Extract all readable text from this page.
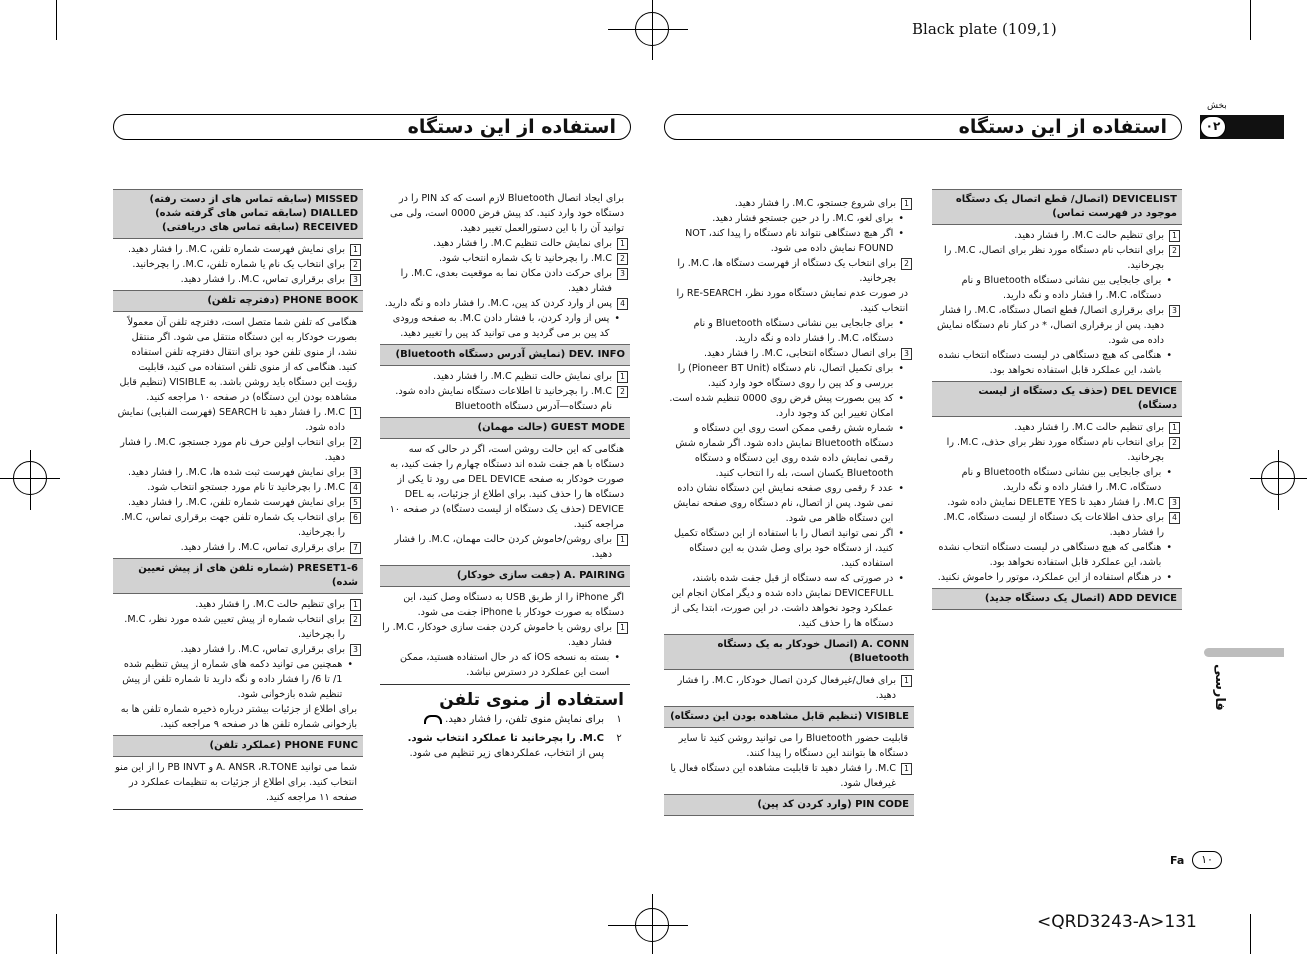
Black plate (109,1)
استفاده از این دستگاه	استفاده از این دستگاه
بخش
۰۲
فارسی
DEVICELIST (اتصال/ قطع اتصال یک دستگاه موجود در فهرست تماس)
1
برای تنظیم حالت M.C. را فشار دهید.
2
برای انتخاب نام دستگاه مورد نظر برای اتصال، M.C. را بچرخانید.
•
برای جابجایی بین نشانی دستگاه Bluetooth و نام دستگاه، M.C. را فشار داده و نگه دارید.
3
برای برقراری اتصال/ قطع اتصال دستگاه، M.C. را فشار دهید. پس از برقراری اتصال، * در کنار نام دستگاه نمایش داده می شود.
•
هنگامی که هیچ دستگاهی در لیست دستگاه انتخاب نشده باشد، این عملکرد قابل استفاده نخواهد بود.
DEL DEVICE (حذف یک دستگاه از لیست دستگاه)
1
برای تنظیم حالت M.C. را فشار دهید.
2
برای انتخاب نام دستگاه مورد نظر برای حذف، M.C. را بچرخانید.
•
برای جابجایی بین نشانی دستگاه Bluetooth و نام دستگاه، M.C. را فشار داده و نگه دارید.
3
M.C. را فشار دهید تا DELETE YES نمایش داده شود.
4
برای حذف اطلاعات یک دستگاه از لیست دستگاه، M.C. را فشار دهید.
•
هنگامی که هیچ دستگاهی در لیست دستگاه انتخاب نشده باشد، این عملکرد قابل استفاده نخواهد بود.
•
در هنگام استفاده از این عملکرد، موتور را خاموش نکنید.
ADD DEVICE (اتصال یک دستگاه جدید)
1
برای شروع جستجو، M.C. را فشار دهید.
•
برای لغو، M.C. را در حین جستجو فشار دهید.
•
اگر هیچ دستگاهی نتواند نام دستگاه را پیدا کند، NOT FOUND نمایش داده می شود.
2
برای انتخاب یک دستگاه از فهرست دستگاه ها، M.C. را بچرخانید.
در صورت عدم نمایش دستگاه مورد نظر، RE-SEARCH را انتخاب کنید.
•
برای جابجایی بین نشانی دستگاه Bluetooth و نام دستگاه، M.C. را فشار داده و نگه دارید.
3
برای اتصال دستگاه انتخابی، M.C. را فشار دهید.
•
برای تکمیل اتصال، نام دستگاه (Pioneer BT Unit) را بررسی و کد پین را روی دستگاه خود وارد کنید.
•
کد پین بصورت پیش فرض روی 0000 تنظیم شده است. امکان تغییر این کد وجود دارد.
•
شماره شش رقمی ممکن است روی این دستگاه و دستگاه Bluetooth نمایش داده شود. اگر شماره شش رقمی نمایش داده شده روی این دستگاه و دستگاه Bluetooth یکسان است، بله را انتخاب کنید.
•
عدد ۶ رقمی روی صفحه نمایش این دستگاه نشان داده نمی شود. پس از اتصال، نام دستگاه روی صفحه نمایش این دستگاه ظاهر می شود.
•
اگر نمی توانید اتصال را با استفاده از این دستگاه تکمیل کنید، از دستگاه خود برای وصل شدن به این دستگاه استفاده کنید.
•
در صورتی که سه دستگاه از قبل جفت شده باشند، DEVICEFULL نمایش داده شده و دیگر امکان انجام این عملکرد وجود نخواهد داشت. در این صورت، ابتدا یکی از دستگاه ها را حذف کنید.
A. CONN (اتصال خودکار به یک دستگاه Bluetooth)
1
برای فعال/غیرفعال کردن اتصال خودکار، M.C. را فشار دهید.
VISIBLE (تنظیم قابل مشاهده بودن این دستگاه)
قابلیت حضور Bluetooth را می توانید روشن کنید تا سایر دستگاه ها بتوانند این دستگاه را پیدا کنند.
1
M.C. را فشار دهید تا قابلیت مشاهده این دستگاه فعال یا غیرفعال شود.
PIN CODE (وارد کردن کد پین)
برای ایجاد اتصال Bluetooth لازم است که کد PIN را در دستگاه خود وارد کنید. کد پیش فرض 0000 است، ولی می توانید آن را با این دستورالعمل تغییر دهید.
1
برای نمایش حالت تنظیم M.C. را فشار دهید.
2
M.C. را بچرخانید تا یک شماره انتخاب شود.
3
برای حرکت دادن مکان نما به موقعیت بعدی، M.C. را فشار دهید.
4
پس از وارد کردن کد پین، M.C. را فشار داده و نگه دارید.
•
پس از وارد کردن، با فشار دادن M.C. به صفحه ورودی کد پین بر می گردید و می توانید کد پین را تغییر دهید.
DEV. INFO (نمایش آدرس دستگاه Bluetooth)
1
برای نمایش حالت تنظیم M.C. را فشار دهید.
2
M.C. را بچرخانید تا اطلاعات دستگاه نمایش داده شود. نام دستگاه—آدرس دستگاه Bluetooth
GUEST MODE (حالت مهمان)
هنگامی که این حالت روشن است، اگر در حالی که سه دستگاه با هم جفت شده اند دستگاه چهارم را جفت کنید، به صورت خودکار به صفحه DEL DEVICE می رود تا یکی از دستگاه ها را حذف کنید. برای اطلاع از جزئیات، به DEL DEVICE (حذف یک دستگاه از لیست دستگاه) در صفحه ۱۰ مراجعه کنید.
1
برای روشن/خاموش کردن حالت مهمان، M.C. را فشار دهید.
A. PAIRING (جفت سازی خودکار)
اگر iPhone را از طریق USB به دستگاه وصل کنید، این دستگاه به صورت خودکار با iPhone جفت می شود.
1
برای روشن یا خاموش کردن جفت سازی خودکار، M.C. را فشار دهید.
•
بسته به نسخه iOS که در حال استفاده هستید، ممکن است این عملکرد در دسترس نباشد.
استفاده از منوی تلفن
۱
برای نمایش منوی تلفن، را فشار دهید.
۲
M.C. را بچرخانید تا عملکرد انتخاب شود.
پس از انتخاب، عملکردهای زیر تنظیم می شود.
MISSED (سابقه تماس های از دست رفته)
DIALLED (سابقه تماس های گرفته شده)
RECEIVED (سابقه تماس های دریافتی)
1
برای نمایش فهرست شماره تلفن، M.C. را فشار دهید.
2
برای انتخاب یک نام یا شماره تلفن، M.C. را بچرخانید.
3
برای برقراری تماس، M.C. را فشار دهید.
PHONE BOOK (دفترچه تلفن)
هنگامی که تلفن شما متصل است، دفترچه تلفن آن معمولاً بصورت خودکار به این دستگاه منتقل می شود. اگر منتقل نشد، از منوی تلفن خود برای انتقال دفترچه تلفن استفاده کنید. هنگامی که از منوی تلفن استفاده می کنید، قابلیت رؤیت این دستگاه باید روشن باشد. به VISIBLE (تنظیم قابل مشاهده بودن این دستگاه) در صفحه ۱۰ مراجعه کنید.
1
M.C. را فشار دهید تا SEARCH (فهرست الفبایی) نمایش داده شود.
2
برای انتخاب اولین حرف نام مورد جستجو، M.C. را فشار دهید.
3
برای نمایش فهرست ثبت شده ها، M.C. را فشار دهید.
4
M.C. را بچرخانید تا نام مورد جستجو انتخاب شود.
5
برای نمایش فهرست شماره تلفن، M.C. را فشار دهید.
6
برای انتخاب یک شماره تلفن جهت برقراری تماس، M.C. را بچرخانید.
7
برای برقراری تماس، M.C. را فشار دهید.
PRESET1-6 (شماره تلفن های از پیش تعیین شده)
1
برای تنظیم حالت M.C. را فشار دهید.
2
برای انتخاب شماره از پیش تعیین شده مورد نظر، M.C. را بچرخانید.
3
برای برقراری تماس، M.C. را فشار دهید.
•
همچنین می توانید دکمه های شماره از پیش تنظیم شده 1/ تا 6/ را فشار داده و نگه دارید تا شماره تلفن از پیش تنظیم شده بازخوانی شود.
برای اطلاع از جزئیات بیشتر درباره ذخیره شماره تلفن ها به بازخوانی شماره تلفن ها در صفحه ۹ مراجعه کنید.
PHONE FUNC (عملکرد تلفن)
شما می توانید A. ANSR ،R.TONE و PB INVT را از این منو انتخاب کنید. برای اطلاع از جزئیات به تنظیمات عملکرد در صفحه ۱۱ مراجعه کنید.
Fa	۱۰
<QRD3243-A>131
